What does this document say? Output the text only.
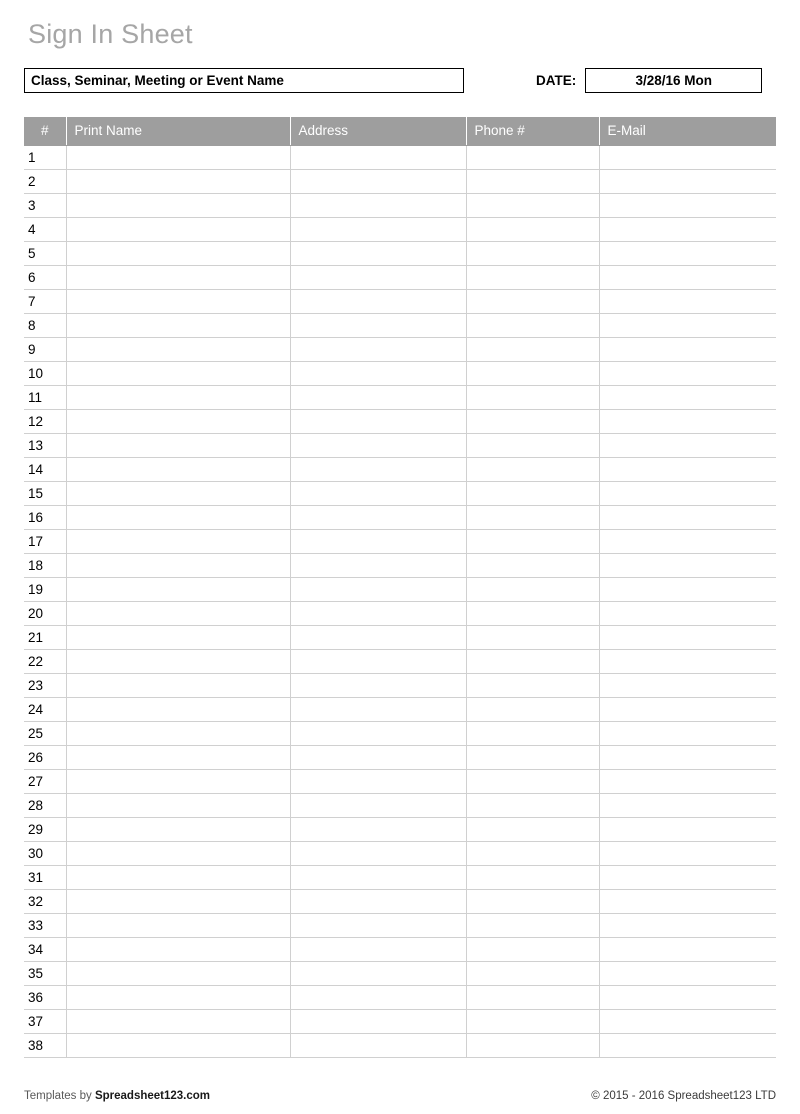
Sign In Sheet
Class, Seminar, Meeting or Event Name	DATE:	3/28/16 Mon
#	Print Name	Address	Phone #	E-Mail
1				
2				
3				
4				
5				
6				
7				
8				
9				
10				
11				
12				
13				
14				
15				
16				
17				
18				
19				
20				
21				
22				
23				
24				
25				
26				
27				
28				
29				
30				
31				
32				
33				
34				
35				
36				
37				
38				
Templates by Spreadsheet123.com	© 2015 - 2016 Spreadsheet123 LTD
